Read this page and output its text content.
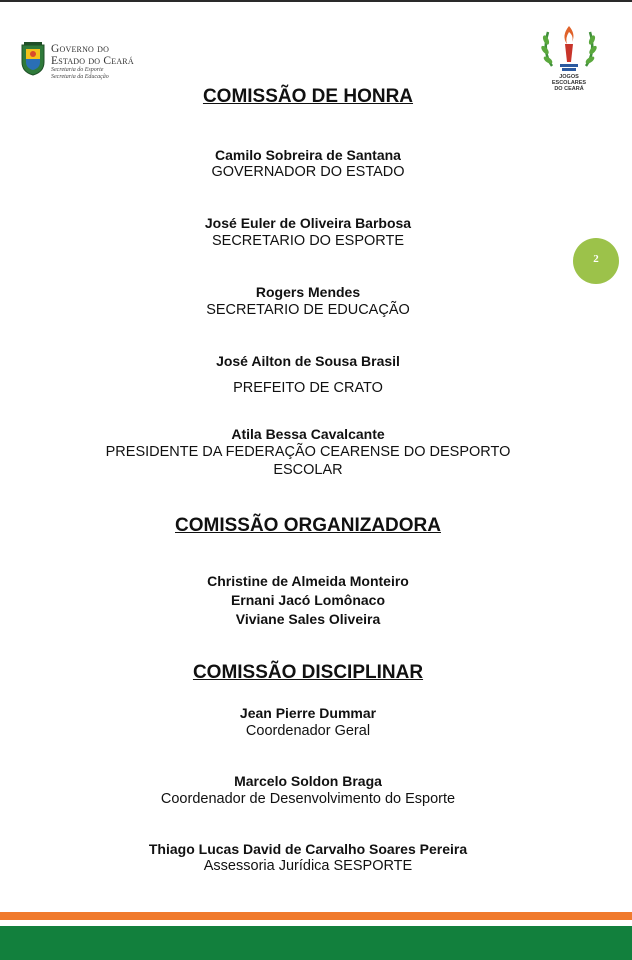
Governo do
Estado do Ceará
Secretaria do Esporte
Secretaria da Educação	JOGOS
ESCOLARES
DO CEARÁ
2
COMISSÃO DE HONRA
Camilo Sobreira de Santana
GOVERNADOR DO ESTADO
José Euler de Oliveira Barbosa
SECRETARIO DO ESPORTE
Rogers Mendes
SECRETARIO DE EDUCAÇÃO
José Ailton de Sousa Brasil
PREFEITO DE CRATO
Atila Bessa Cavalcante
PRESIDENTE DA FEDERAÇÃO CEARENSE DO DESPORTO
ESCOLAR
COMISSÃO ORGANIZADORA
Christine de Almeida Monteiro
Ernani Jacó Lomônaco
Viviane Sales Oliveira
COMISSÃO DISCIPLINAR
Jean Pierre Dummar
Coordenador Geral
Marcelo Soldon Braga
Coordenador de Desenvolvimento do Esporte
Thiago Lucas David de Carvalho Soares Pereira
Assessoria Jurídica SESPORTE
